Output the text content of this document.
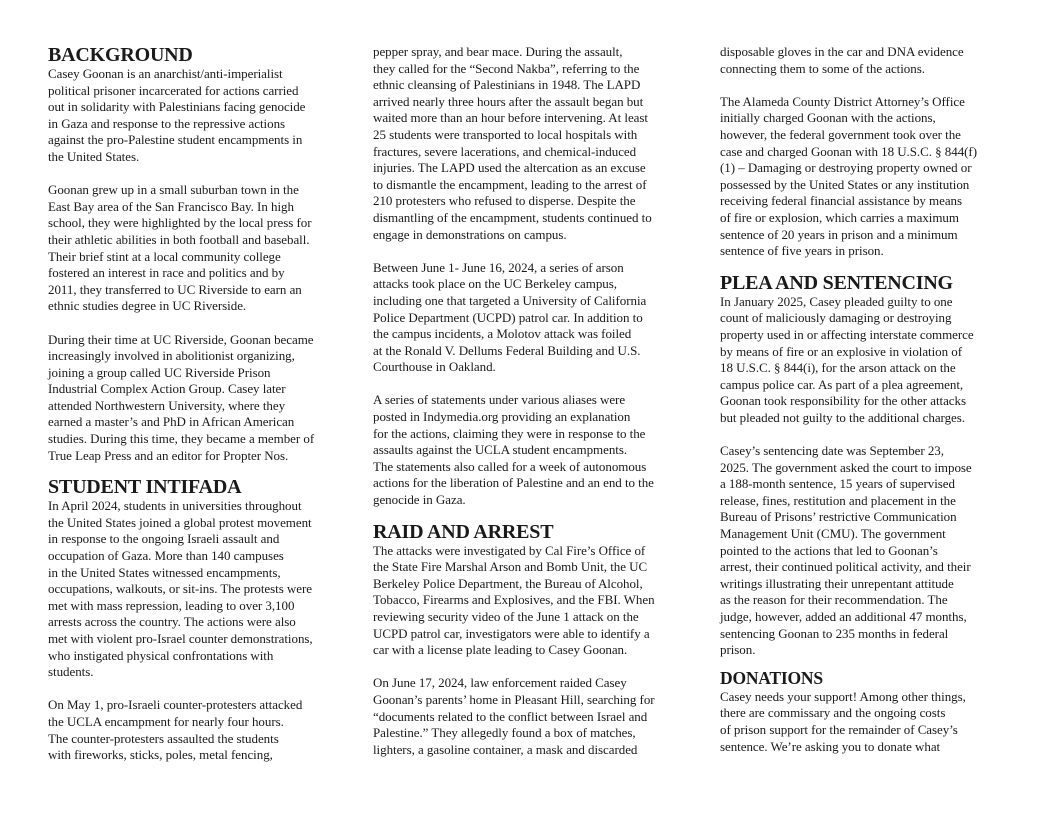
BACKGROUND

Casey Goonan is an anarchist/anti-imperialist
political prisoner incarcerated for actions carried
out in solidarity with Palestinians facing genocide
in Gaza and response to the repressive actions
against the pro-Palestine student encampments in
the United States.

Goonan grew up in a small suburban town in the
East Bay area of the San Francisco Bay. In high
school, they were highlighted by the local press for
their athletic abilities in both football and baseball.
Their brief stint at a local community college
fostered an interest in race and politics and by
2011, they transferred to UC Riverside to earn an
ethnic studies degree in UC Riverside.

During their time at UC Riverside, Goonan became
increasingly involved in abolitionist organizing,
joining a group called UC Riverside Prison
Industrial Complex Action Group. Casey later
attended Northwestern University, where they
earned a master’s and PhD in African American
studies. During this time, they became a member of
True Leap Press and an editor for Propter Nos.

STUDENT INTIFADA

In April 2024, students in universities throughout
the United States joined a global protest movement
in response to the ongoing Israeli assault and
occupation of Gaza. More than 140 campuses
in the United States witnessed encampments,
occupations, walkouts, or sit-ins. The protests were
met with mass repression, leading to over 3,100
arrests across the country. The actions were also
met with violent pro-Israel counter demonstrations,
who instigated physical confrontations with
students.

On May 1, pro-Israeli counter-protesters attacked
the UCLA encampment for nearly four hours.
The counter-protesters assaulted the students
with fireworks, sticks, poles, metal fencing,

pepper spray, and bear mace. During the assault,
they called for the “Second Nakba”, referring to the
ethnic cleansing of Palestinians in 1948. The LAPD
arrived nearly three hours after the assault began but
waited more than an hour before intervening. At least
25 students were transported to local hospitals with
fractures, severe lacerations, and chemical-induced
injuries. The LAPD used the altercation as an excuse
to dismantle the encampment, leading to the arrest of
210 protesters who refused to disperse. Despite the
dismantling of the encampment, students continued to
engage in demonstrations on campus.

Between June 1- June 16, 2024, a series of arson
attacks took place on the UC Berkeley campus,
including one that targeted a University of California
Police Department (UCPD) patrol car. In addition to
the campus incidents, a Molotov attack was foiled
at the Ronald V. Dellums Federal Building and U.S.
Courthouse in Oakland.

A series of statements under various aliases were
posted in Indymedia.org providing an explanation
for the actions, claiming they were in response to the
assaults against the UCLA student encampments.
The statements also called for a week of autonomous
actions for the liberation of Palestine and an end to the
genocide in Gaza.

RAID AND ARREST

The attacks were investigated by Cal Fire’s Office of
the State Fire Marshal Arson and Bomb Unit, the UC
Berkeley Police Department, the Bureau of Alcohol,
Tobacco, Firearms and Explosives, and the FBI. When
reviewing security video of the June 1 attack on the
UCPD patrol car, investigators were able to identify a
car with a license plate leading to Casey Goonan.

On June 17, 2024, law enforcement raided Casey
Goonan’s parents’ home in Pleasant Hill, searching for
“documents related to the conflict between Israel and
Palestine.” They allegedly found a box of matches,
lighters, a gasoline container, a mask and discarded

disposable gloves in the car and DNA evidence
connecting them to some of the actions.

The Alameda County District Attorney’s Office
initially charged Goonan with the actions,
however, the federal government took over the
case and charged Goonan with 18 U.S.C. § 844(f)
(1) – Damaging or destroying property owned or
possessed by the United States or any institution
receiving federal financial assistance by means
of fire or explosion, which carries a maximum
sentence of 20 years in prison and a minimum
sentence of five years in prison.

PLEA AND SENTENCING

In January 2025, Casey pleaded guilty to one
count of maliciously damaging or destroying
property used in or affecting interstate commerce
by means of fire or an explosive in violation of
18 U.S.C. § 844(i), for the arson attack on the
campus police car. As part of a plea agreement,
Goonan took responsibility for the other attacks
but pleaded not guilty to the additional charges.

Casey’s sentencing date was September 23,
2025. The government asked the court to impose
a 188-month sentence, 15 years of supervised
release, fines, restitution and placement in the
Bureau of Prisons’ restrictive Communication
Management Unit (CMU). The government
pointed to the actions that led to Goonan’s
arrest, their continued political activity, and their
writings illustrating their unrepentant attitude
as the reason for their recommendation. The
judge, however, added an additional 47 months,
sentencing Goonan to 235 months in federal
prison.

DONATIONS

Casey needs your support! Among other things,
there are commissary and the ongoing costs
of prison support for the remainder of Casey’s
sentence. We’re asking you to donate what
